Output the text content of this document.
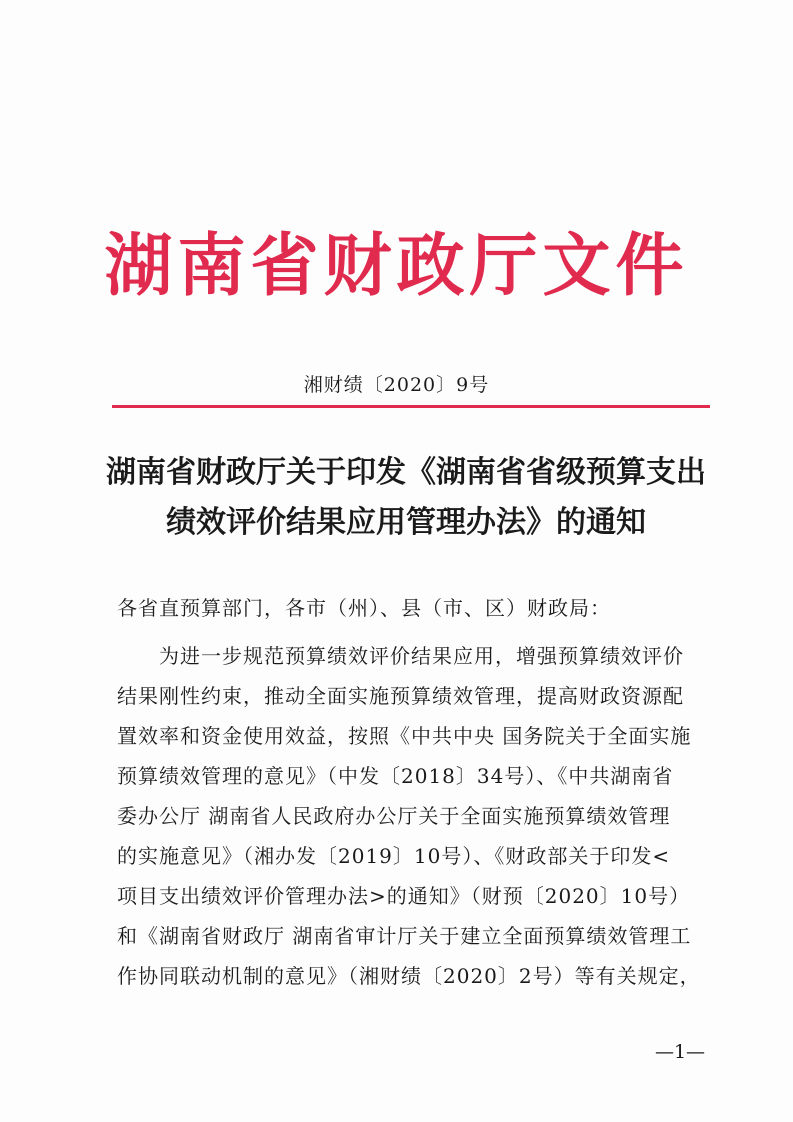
湖南省财政厅文件
湘财绩〔2020〕9号
湖南省财政厅关于印发《湖南省省级预算支出
绩效评价结果应用管理办法》的通知
各省直预算部门，各市（州）、县（市、区）财政局：
　　为进一步规范预算绩效评价结果应用，增强预算绩效评价
结果刚性约束，推动全面实施预算绩效管理，提高财政资源配
置效率和资金使用效益，按照《中共中央 国务院关于全面实施
预算绩效管理的意见》（中发〔2018〕34号）、《中共湖南省
委办公厅 湖南省人民政府办公厅关于全面实施预算绩效管理
的实施意见》（湘办发〔2019〕10号）、《财政部关于印发<
项目支出绩效评价管理办法>的通知》（财预〔2020〕10号）
和《湖南省财政厅 湖南省审计厅关于建立全面预算绩效管理工
作协同联动机制的意见》（湘财绩〔2020〕2号）等有关规定，
—1—
